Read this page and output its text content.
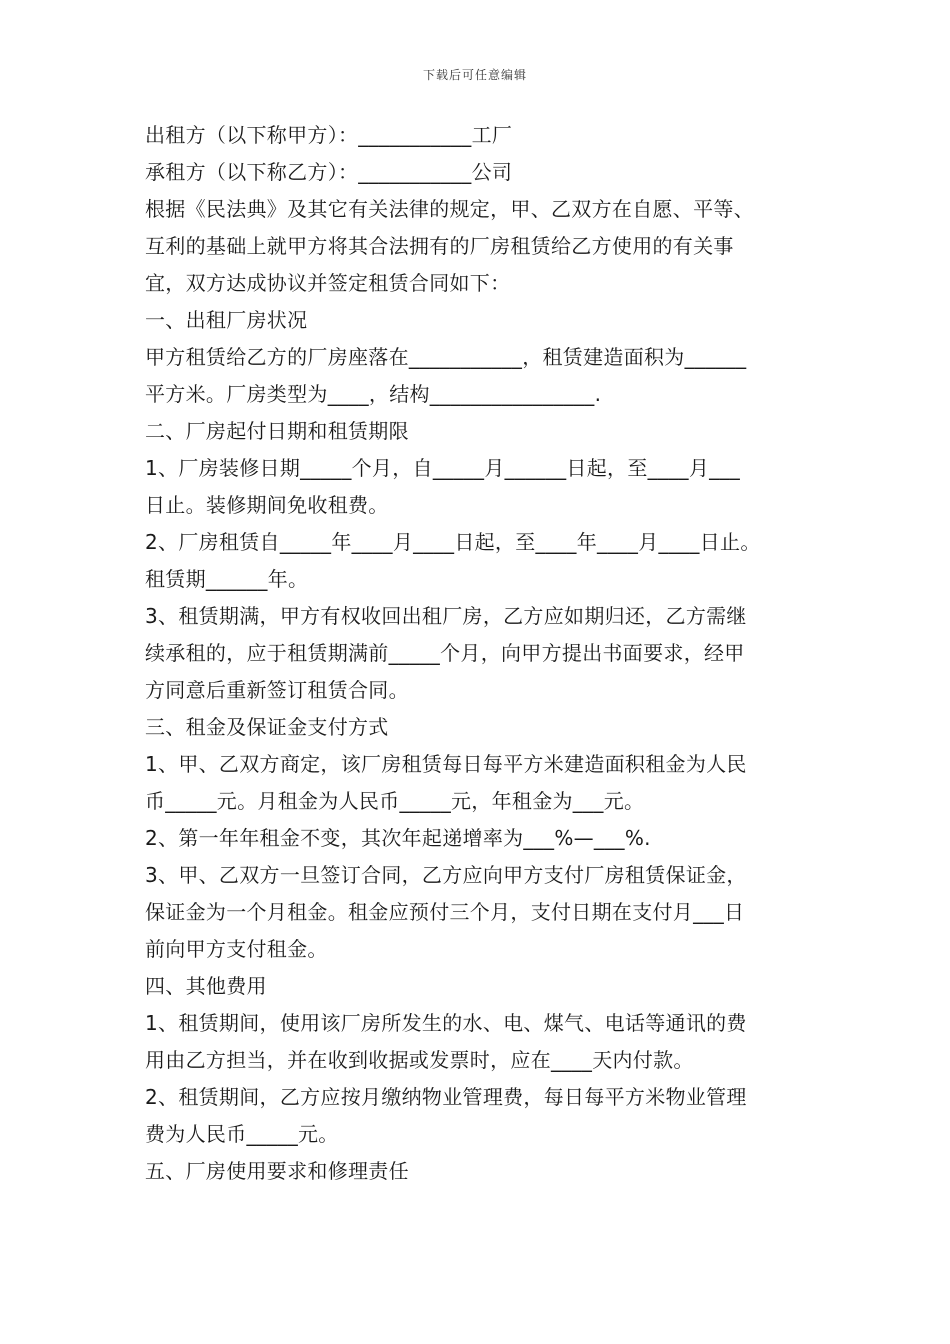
下载后可任意编辑
出租方（以下称甲方）：___________工厂
承租方（以下称乙方）：___________公司
根据《民法典》及其它有关法律的规定，甲、乙双方在自愿、平等、
互利的基础上就甲方将其合法拥有的厂房租赁给乙方使用的有关事
宜，双方达成协议并签定租赁合同如下：
一、出租厂房状况
甲方租赁给乙方的厂房座落在___________，租赁建造面积为______
平方米。厂房类型为____，结构________________.
二、厂房起付日期和租赁期限
1、厂房装修日期_____个月，自_____月______日起，至____月___
日止。装修期间免收租费。
2、厂房租赁自_____年____月____日起，至____年____月____日止。
租赁期______年。
3、租赁期满，甲方有权收回出租厂房，乙方应如期归还，乙方需继
续承租的，应于租赁期满前_____个月，向甲方提出书面要求，经甲
方同意后重新签订租赁合同。
三、租金及保证金支付方式
1、甲、乙双方商定，该厂房租赁每日每平方米建造面积租金为人民
币_____元。月租金为人民币_____元，年租金为___元。
2、第一年年租金不变，其次年起递增率为___%—___%.
3、甲、乙双方一旦签订合同，乙方应向甲方支付厂房租赁保证金，
保证金为一个月租金。租金应预付三个月，支付日期在支付月___日
前向甲方支付租金。
四、其他费用
1、租赁期间，使用该厂房所发生的水、电、煤气、电话等通讯的费
用由乙方担当，并在收到收据或发票时，应在____天内付款。
2、租赁期间，乙方应按月缴纳物业管理费，每日每平方米物业管理
费为人民币_____元。
五、厂房使用要求和修理责任
